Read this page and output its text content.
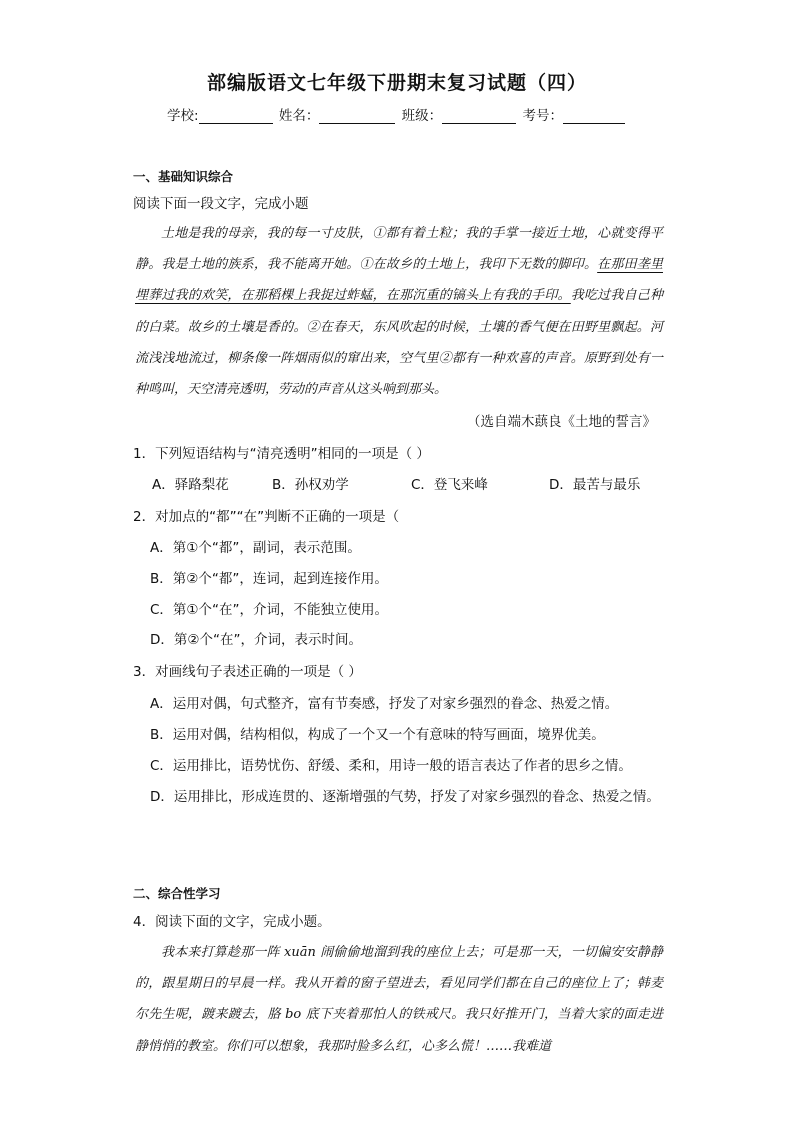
部编版语文七年级下册期末复习试题（四）
学校:	姓名：	班级：	考号：
一、基础知识综合
阅读下面一段文字，完成小题

土地是我的母亲，我的每一寸皮肤，①都有着土粒；我的手掌一接近土地，心就变得平静。我是土地的族系，我不能离开她。①在故乡的土地上，我印下无数的脚印。在那田垄里埋葬过我的欢笑，在那稻棵上我捉过蚱蜢，在那沉重的镐头上有我的手印。我吃过我自己种的白菜。故乡的土壤是香的。②在春天，东风吹起的时候，土壤的香气便在田野里飘起。河流浅浅地流过，柳条像一阵烟雨似的窜出来，空气里②都有一种欢喜的声音。原野到处有一种鸣叫，天空清亮透明，劳动的声音从这头响到那头。

（选自端木蕻良《土地的誓言》
1．下列短语结构与“清亮透明”相同的一项是（ ）
A．驿路梨花	B．孙权劝学	C．登飞来峰	D．最苦与最乐
2．对加点的“都”“在”判断不正确的一项是（
A．第①个“都”，副词，表示范围。
B．第②个“都”，连词，起到连接作用。
C．第①个“在”，介词，不能独立使用。
D．第②个“在”，介词，表示时间。
3．对画线句子表述正确的一项是（ ）
A．运用对偶，句式整齐，富有节奏感，抒发了对家乡强烈的眷念、热爱之情。
B．运用对偶，结构相似，构成了一个又一个有意味的特写画面，境界优美。
C．运用排比，语势忧伤、舒缓、柔和，用诗一般的语言表达了作者的思乡之情。
D．运用排比，形成连贯的、逐渐增强的气势，抒发了对家乡强烈的眷念、热爱之情。
二、综合性学习
4．阅读下面的文字，完成小题。

我本来打算趁那一阵 xuān 闹偷偷地溜到我的座位上去；可是那一天，一切偏安安静静的，跟星期日的早晨一样。我从开着的窗子望进去，看见同学们都在自己的座位上了；韩麦尔先生呢，踱来踱去，胳 bo 底下夹着那怕人的铁戒尺。我只好推开门，当着大家的面走进静悄悄的教室。你们可以想象，我那时脸多么红，心多么慌！……我难道
